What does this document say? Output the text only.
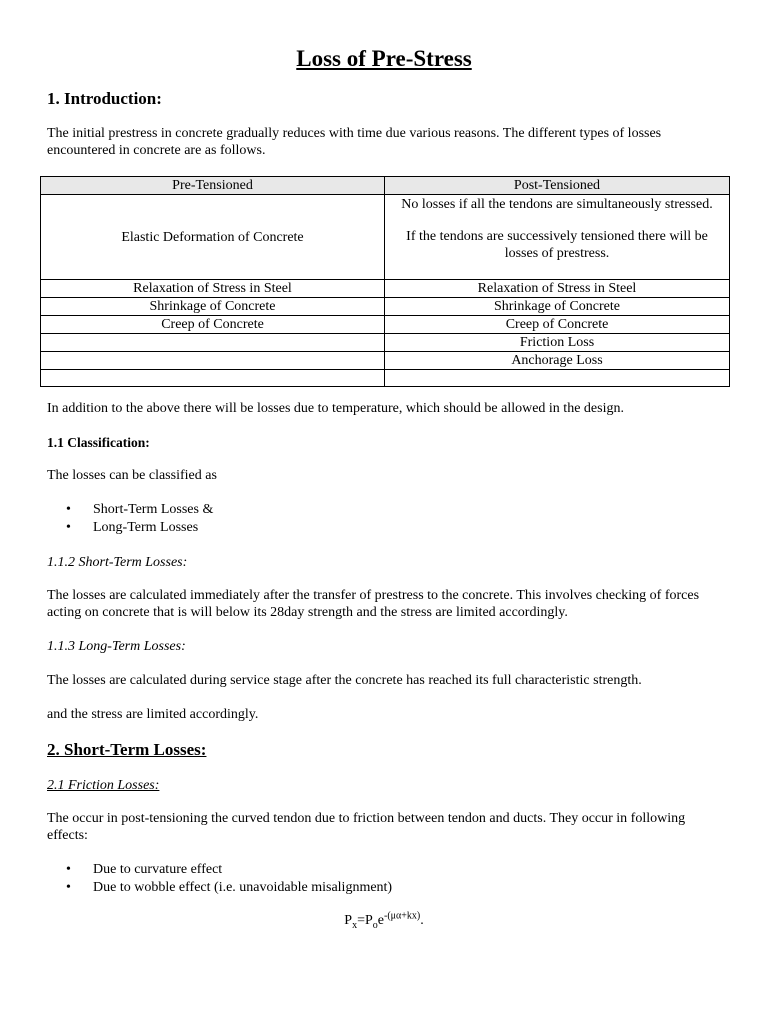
Loss of Pre-Stress
1. Introduction:

The initial prestress in concrete gradually reduces with time due various reasons. The different types of losses encountered in concrete are as follows.

Pre-Tensioned	Post-Tensioned
Elastic Deformation of Concrete	No losses if all the tendons are simultaneously stressed.
If the tendons are successively tensioned there will be losses of prestress.

Relaxation of Stress in Steel	Relaxation of Stress in Steel
Shrinkage of Concrete	Shrinkage of Concrete
Creep of Concrete	Creep of Concrete
	Friction Loss
	Anchorage Loss

In addition to the above there will be losses due to temperature, which should be allowed in the design.

1.1 Classification:

The losses can be classified as

• Short-Term Losses &
• Long-Term Losses

1.1.2 Short-Term Losses:

The losses are calculated immediately after the transfer of prestress to the concrete. This involves checking of forces acting on concrete that is will below its 28day strength and the stress are limited accordingly.

1.1.3 Long-Term Losses:

The losses are calculated during service stage after the concrete has reached its full characteristic strength.

and the stress are limited accordingly.

2. Short-Term Losses:

2.1 Friction Losses:

The occur in post-tensioning the curved tendon due to friction between tendon and ducts. They occur in following effects:

• Due to curvature effect
• Due to wobble effect (i.e. unavoidable misalignment)

$P_x=P_oe^{-(\mu\alpha+kx)}$.
